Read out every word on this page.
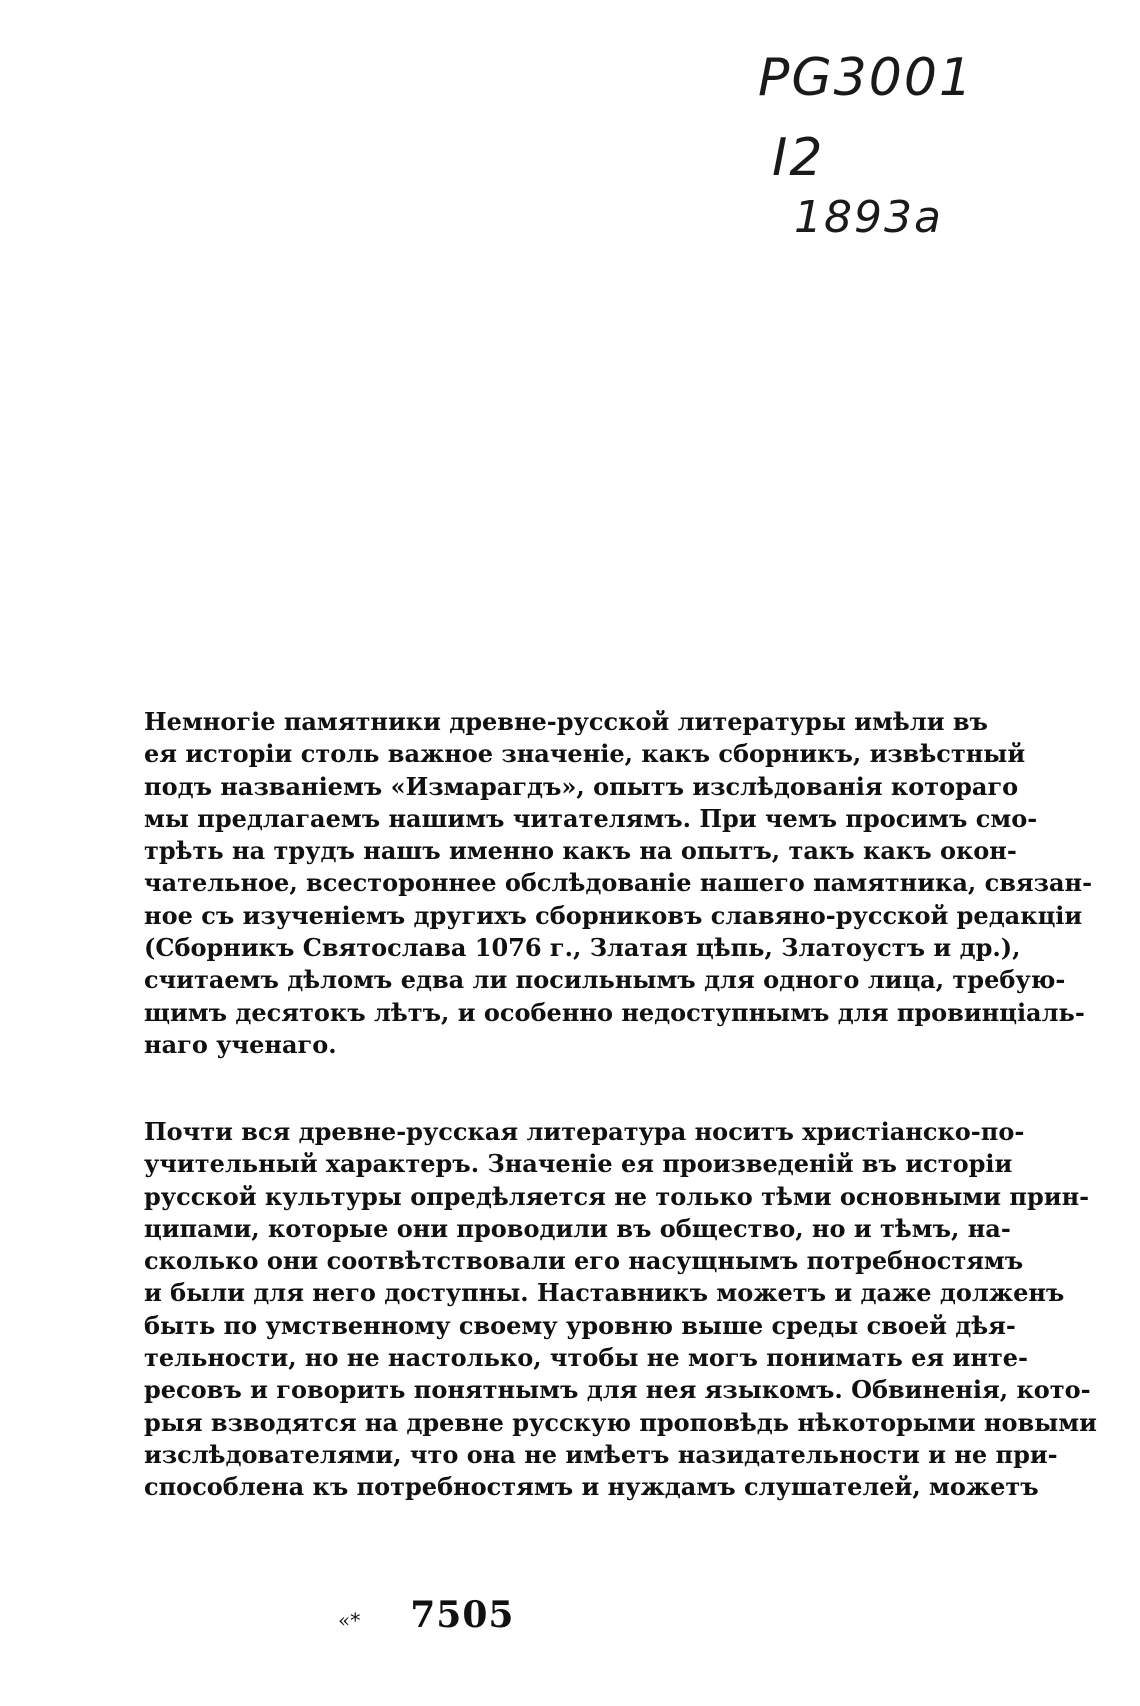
PG3001
I2
1893a
Немногіе памятники древне-русской литературы имѣли въ
ея исторіи столь важное значеніе, какъ сборникъ, извѣстный
подъ названіемъ «Измарагдъ», опытъ изслѣдованія котораго
мы предлагаемъ нашимъ читателямъ. При чемъ просимъ смо-
трѣть на трудъ нашъ именно какъ на опытъ, такъ какъ окон-
чательное, всестороннее обслѣдованіе нашего памятника, связан-
ное съ изученіемъ другихъ сборниковъ славяно-русской редакціи
(Сборникъ Святослава 1076 г., Златая цѣпь, Златоустъ и др.),
считаемъ дѣломъ едва ли посильнымъ для одного лица, требую-
щимъ десятокъ лѣтъ, и особенно недоступнымъ для провинціаль-
наго ученаго.
Почти вся древне-русская литература носитъ христіанско-по-
учительный характеръ. Значеніе ея произведеній въ исторіи
русской культуры опредѣляется не только тѣми основными прин-
ципами, которые они проводили въ общество, но и тѣмъ, на-
сколько они соотвѣтствовали его насущнымъ потребностямъ
и были для него доступны. Наставникъ можетъ и даже долженъ
быть по умственному своему уровню выше среды своей дѣя-
тельности, но не настолько, чтобы не могъ понимать ея инте-
ресовъ и говорить понятнымъ для нея языкомъ. Обвиненія, кото-
рыя взводятся на древне русскую проповѣдь нѣкоторыми новыми
изслѣдователями, что она не имѣетъ назидательности и не при-
способлена къ потребностямъ и нуждамъ слушателей, можетъ
«* 7505
